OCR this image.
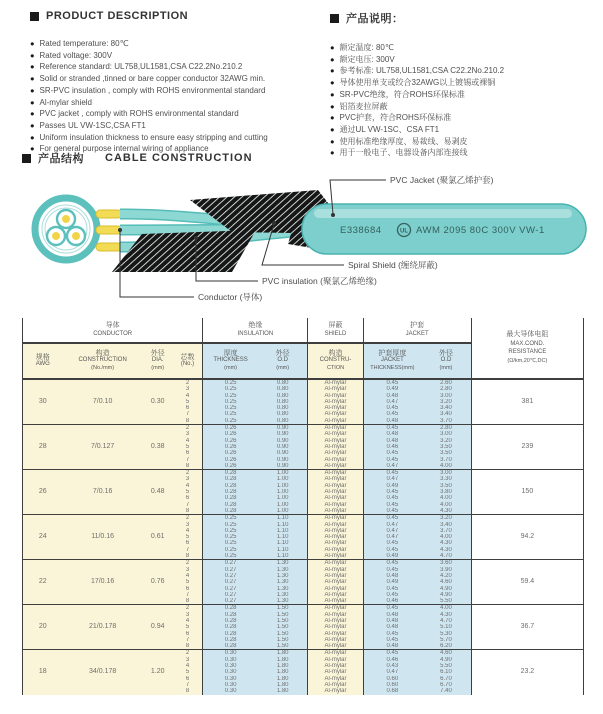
PRODUCT DESCRIPTION
● Rated temperature: 80℃
● Rated voltage: 300V
● Reference standard: UL758,UL1581,CSA C22.2No.210.2
● Solid or stranded ,tinned or bare copper conductor 32AWG min.
● SR-PVC insulation , comply with ROHS environmental standard
● Al-mylar shield
● PVC jacket , comply with ROHS environmental standard
● Passes UL VW-1SC,CSA FT1
● Uniform insulation thickness to ensure easy stripping and cutting
● For general purpose internal wiring of appliance
产品说明：
● 额定温度: 80℃
● 额定电压: 300V
● 参考标准: UL758,UL1581,CSA C22.2No.210.2
● 导体使用单支或绞合32AWG以上镀锡或裸铜
● SR-PVC绝缘，符合ROHS环保标准
● 铝箔麦拉屏蔽
● PVC护套，符合ROHS环保标准
● 通过UL VW-1SC、CSA FT1
● 使用标准绝缘厚度、易裁线、易剥皮
● 用于一般电子、电器设备内部连接线
产品结构 CABLE CONSTRUCTION
E338684	UL AWM 2095 80C 300V VW-1
PVC Jacket (聚氯乙烯护套)
Spiral Shield (缠绕屏蔽)
PVC insulation (聚氯乙烯绝缘)
Conductor (导体)
导体
CONDUCTOR				绝缘
INSULATION		屏蔽
SHIELD	护套
JACKET		最大导体电阻
MAX.COND.
RESISTANCE
(Ω/km,20℃,DC)

规格
AWG	构造
CONSTRUCTION
(No./mm)	外径
DIA.
(mm)	芯数
(No.)	厚度
THICKNESS
(mm)	外径
O.D
(mm)	构造
CONSTRU-
CTION	护套厚度
JACKET
THICKNESS(mm)	外径
O.D
(mm)	

30	7/0.10	0.30	2	0.25	0.80	Al-mylar	0.45	2.60	381
			3	0.25	0.80	Al-mylar	0.49	2.80	
			4	0.25	0.80	Al-mylar	0.48	3.00	
			5	0.25	0.80	Al-mylar	0.47	3.20	
			6	0.25	0.80	Al-mylar	0.45	3.40	
			7	0.25	0.80	Al-mylar	0.45	3.40	
			8	0.25	0.80	Al-mylar	0.48	3.70	
28	7/0.127	0.38	2	0.26	0.90	Al-mylar	0.45	2.80	239
			3	0.26	0.90	Al-mylar	0.48	3.00	
			4	0.26	0.90	Al-mylar	0.48	3.20	
			5	0.26	0.90	Al-mylar	0.46	3.50	
			6	0.26	0.90	Al-mylar	0.45	3.50	
			7	0.26	0.90	Al-mylar	0.45	3.70	
			8	0.26	0.90	Al-mylar	0.47	4.00	
26	7/0.16	0.48	2	0.28	1.00	Al-mylar	0.45	3.00	150
			3	0.28	1.00	Al-mylar	0.47	3.30	
			4	0.28	1.00	Al-mylar	0.49	3.50	
			5	0.28	1.00	Al-mylar	0.45	3.80	
			6	0.28	1.00	Al-mylar	0.45	4.00	
			7	0.28	1.00	Al-mylar	0.45	4.00	
			8	0.28	1.00	Al-mylar	0.45	4.30	
24	11/0.16	0.61	2	0.25	1.10	Al-mylar	0.45	3.20	94.2
			3	0.25	1.10	Al-mylar	0.47	3.40	
			4	0.25	1.10	Al-mylar	0.47	3.70	
			5	0.25	1.10	Al-mylar	0.47	4.00	
			6	0.25	1.10	Al-mylar	0.45	4.30	
			7	0.25	1.10	Al-mylar	0.45	4.30	
			8	0.25	1.10	Al-mylar	0.49	4.70	
22	17/0.16	0.76	2	0.27	1.30	Al-mylar	0.45	3.60	59.4
			3	0.27	1.30	Al-mylar	0.45	3.90	
			4	0.27	1.30	Al-mylar	0.48	4.20	
			5	0.27	1.30	Al-mylar	0.49	4.60	
			6	0.27	1.30	Al-mylar	0.45	4.90	
			7	0.27	1.30	Al-mylar	0.45	4.90	
			8	0.27	1.30	Al-mylar	0.46	5.50	
20	21/0.178	0.94	2	0.28	1.50	Al-mylar	0.45	4.00	36.7
			3	0.28	1.50	Al-mylar	0.48	4.30	
			4	0.28	1.50	Al-mylar	0.48	4.70	
			5	0.28	1.50	Al-mylar	0.48	5.10	
			6	0.28	1.50	Al-mylar	0.45	5.30	
			7	0.28	1.50	Al-mylar	0.45	5.70	
			8	0.28	1.50	Al-mylar	0.48	6.20	
18	34/0.178	1.20	2	0.30	1.80	Al-mylar	0.45	4.60	23.2
			3	0.30	1.80	Al-mylar	0.46	4.90	
			4	0.30	1.80	Al-mylar	0.43	5.50	
			5	0.30	1.80	Al-mylar	0.47	6.10	
			6	0.30	1.80	Al-mylar	0.60	6.70	
			7	0.30	1.80	Al-mylar	0.60	6.70	
			8	0.30	1.80	Al-mylar	0.68	7.40	
